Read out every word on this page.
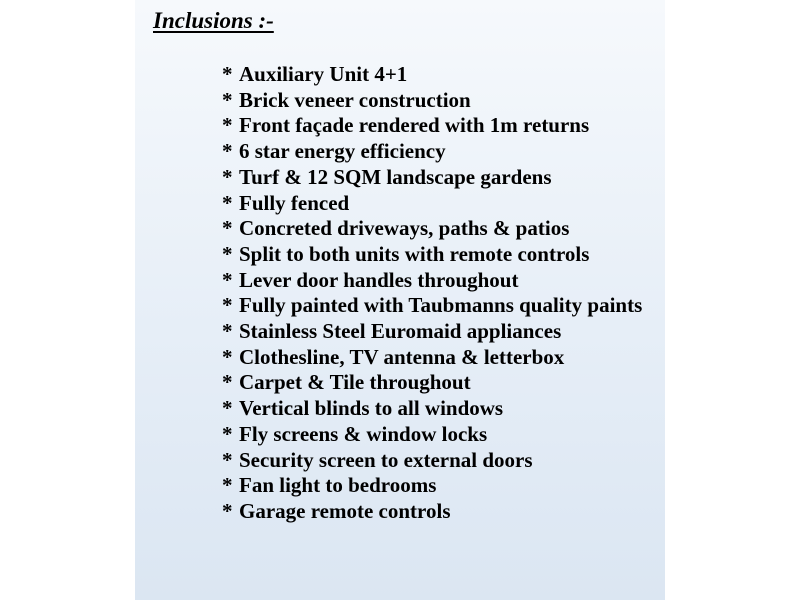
Inclusions :-
* Auxiliary Unit 4+1
* Brick veneer construction
* Front façade rendered with 1m returns
* 6 star energy efficiency
* Turf & 12 SQM landscape gardens
* Fully fenced
* Concreted driveways, paths & patios
* Split to both units with remote controls
* Lever door handles throughout
* Fully painted with Taubmanns quality paints
* Stainless Steel Euromaid appliances
* Clothesline, TV antenna & letterbox
* Carpet & Tile throughout
* Vertical blinds to all windows
* Fly screens & window locks
* Security screen to external doors
* Fan light to bedrooms
* Garage remote controls
